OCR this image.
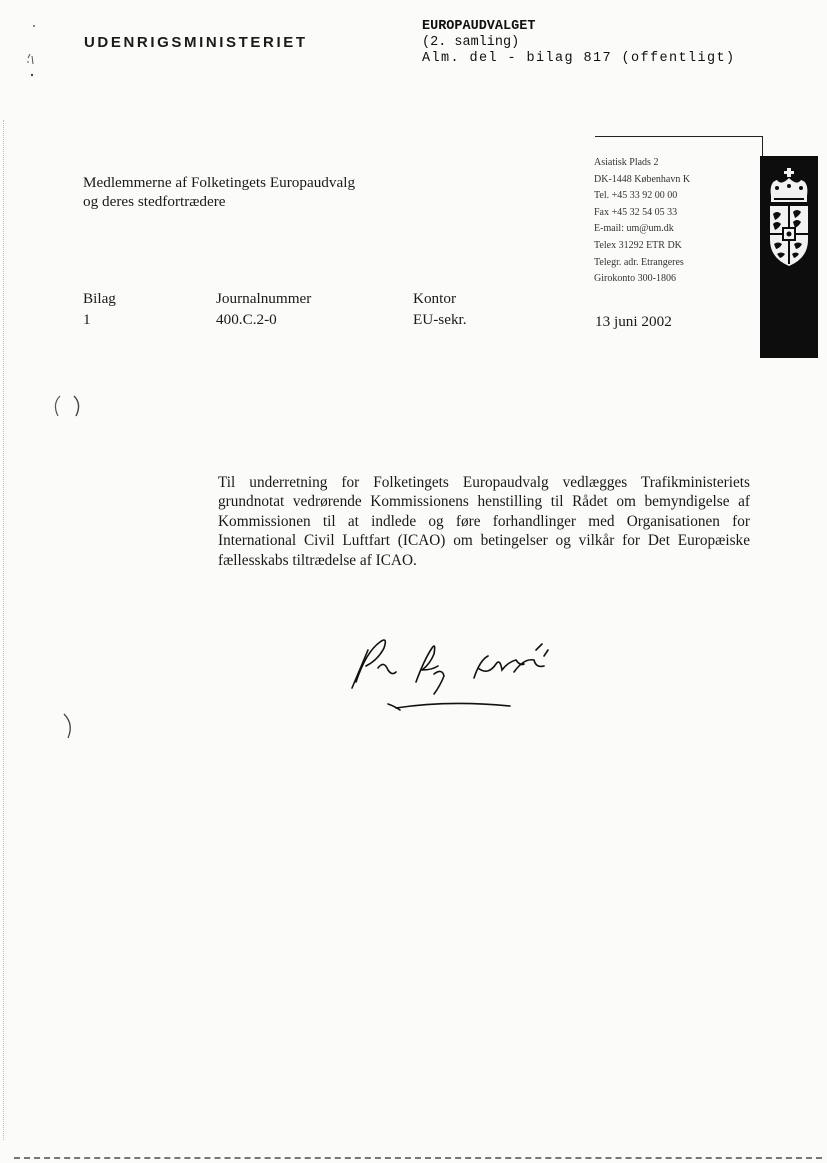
UDENRIGSMINISTERIET
EUROPAUDVALGET
(2. samling)
Alm. del - bilag 817 (offentligt)
Asiatisk Plads 2
DK-1448 København K
Tel. +45 33 92 00 00
Fax +45 32 54 05 33
E-mail: um@um.dk
Telex 31292 ETR DK
Telegr. adr. Etrangeres
Girokonto 300-1806
Medlemmerne af Folketingets Europaudvalg
og deres stedfortrædere
Bilag
1
Journalnummer
400.C.2-0
Kontor
EU-sekr.	13 juni 2002
Til underretning for Folketingets Europaudvalg vedlægges Trafikministeriets grundnotat vedrørende Kommissionens henstilling til Rådet om bemyndigelse af Kommissionen til at indlede og føre forhandlinger med Organisationen for International Civil Luftfart (ICAO) om betingelser og vilkår for Det Europæiske fællesskabs tiltrædelse af ICAO.
